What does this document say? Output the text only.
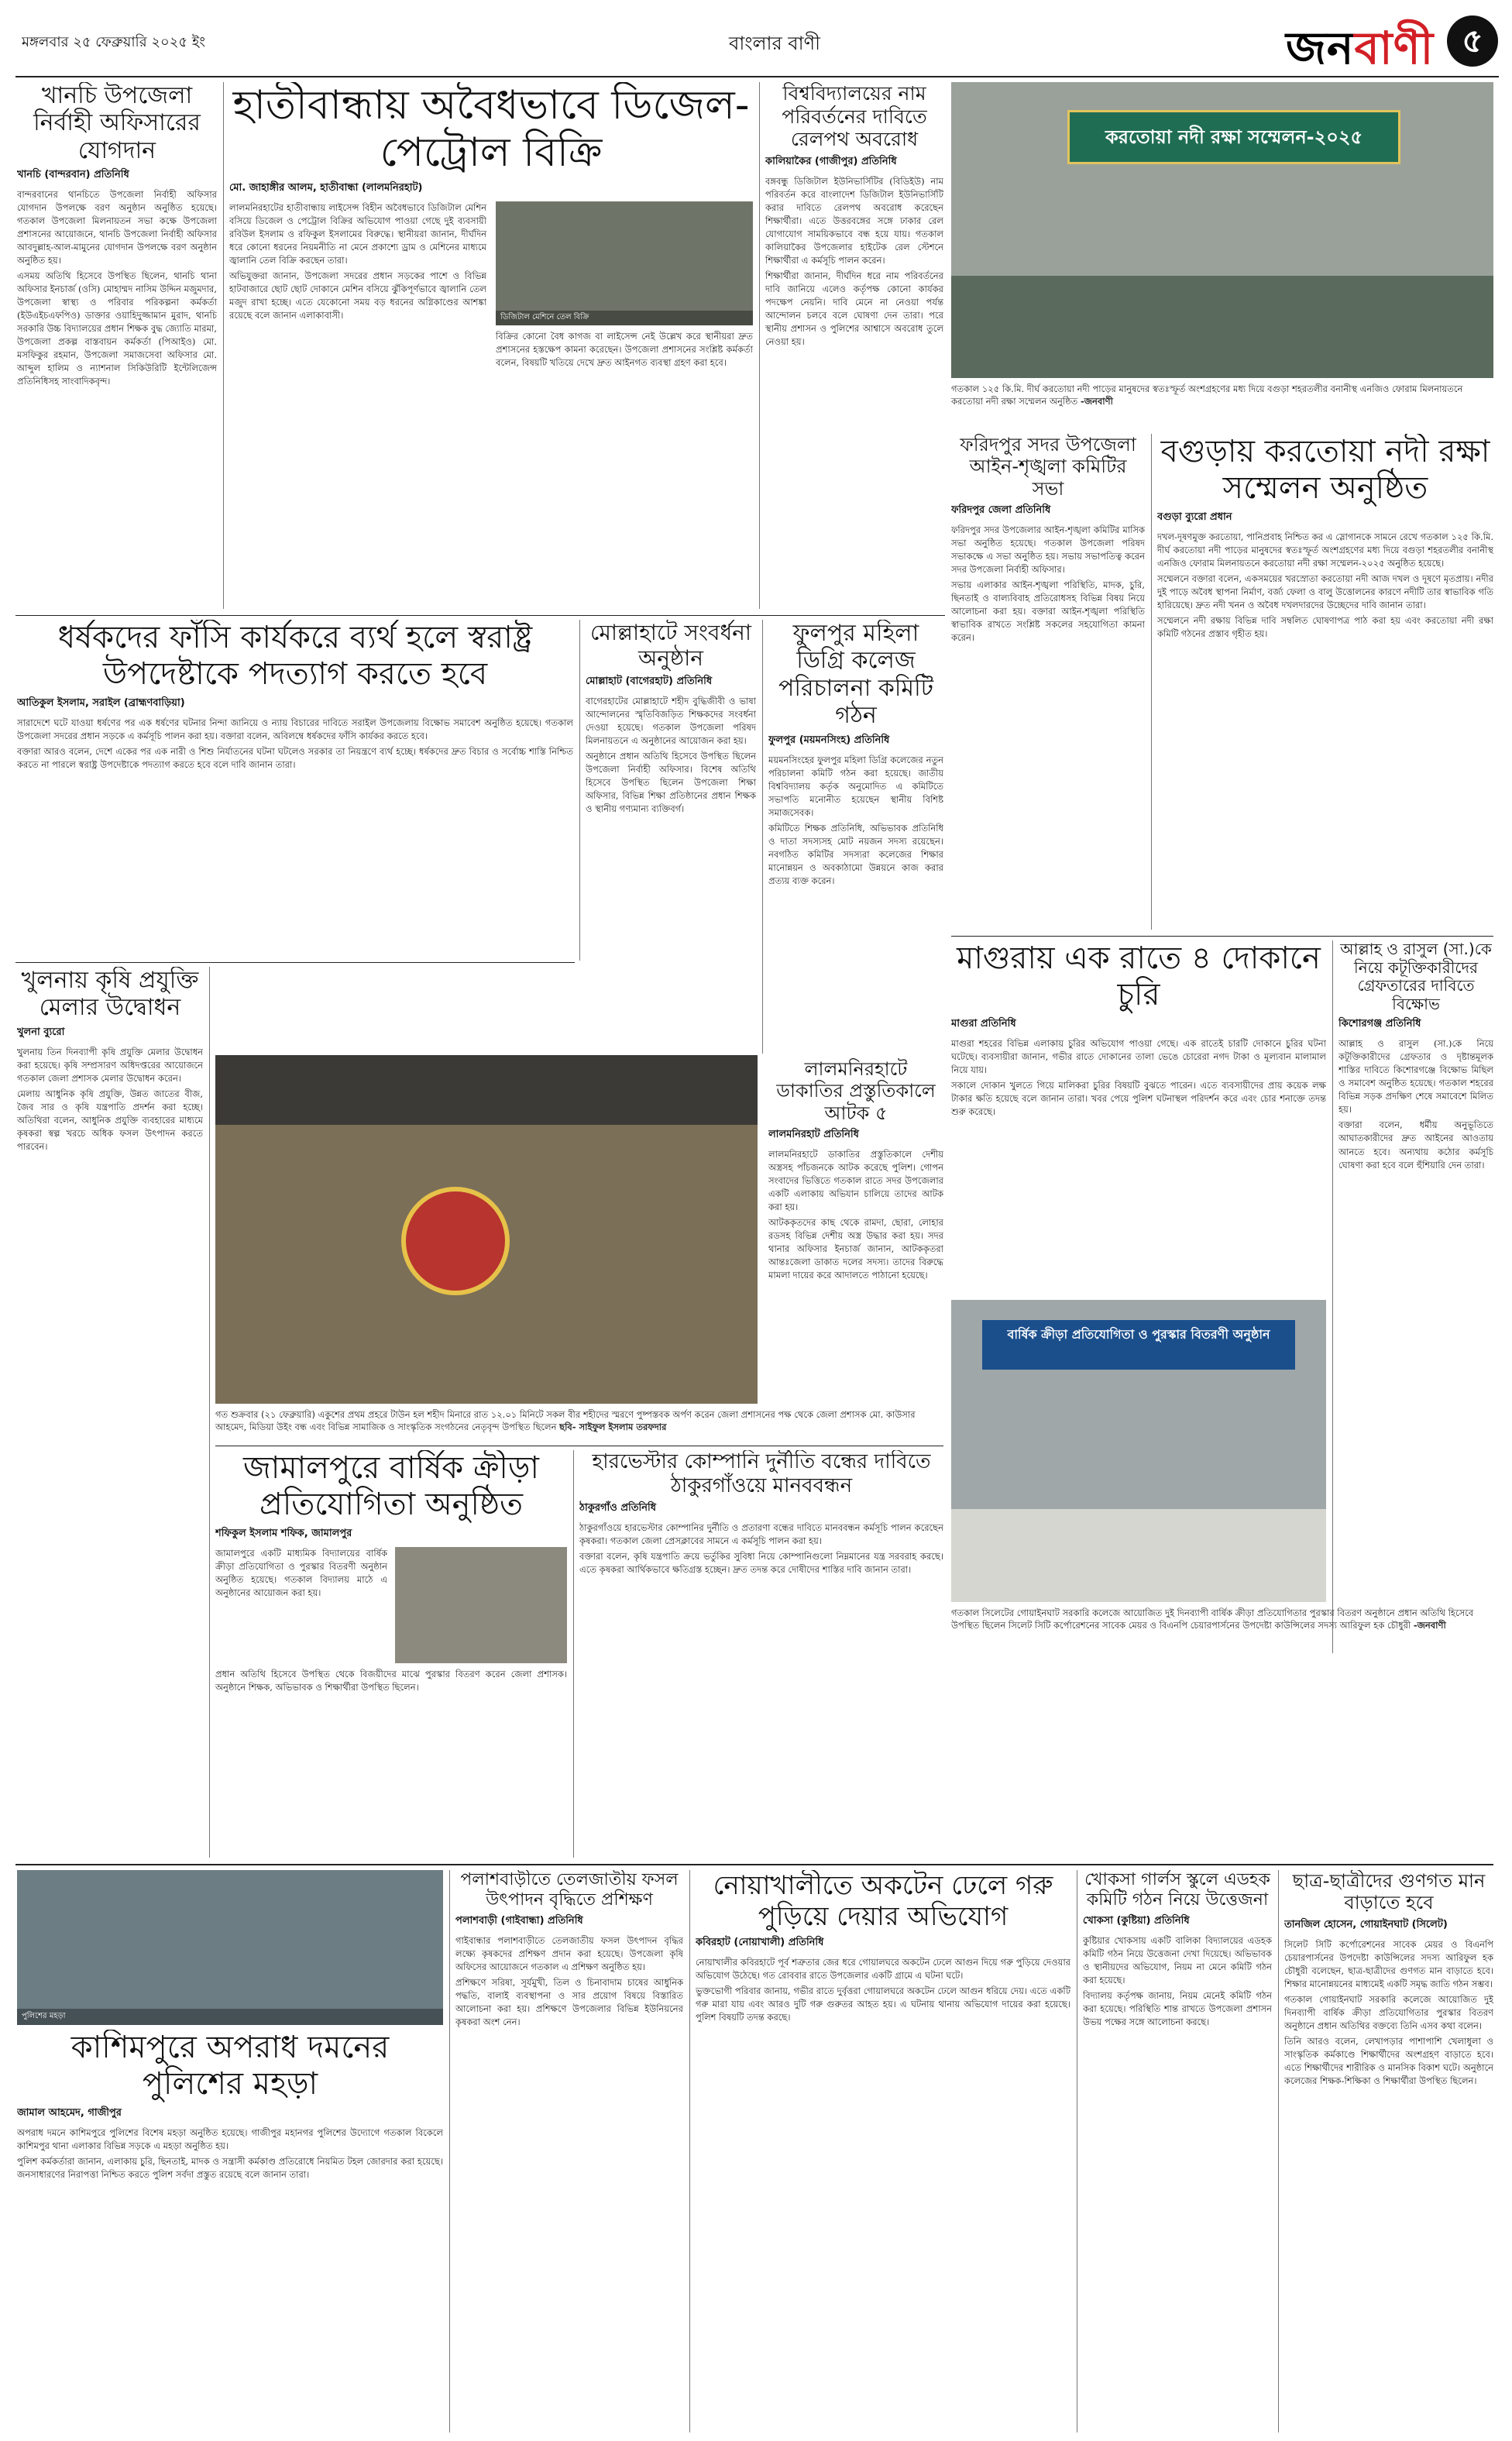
মঙ্গলবার ২৫ ফেব্রুয়ারি ২০২৫ ইং	বাংলার বাণী	জনবাণী ৫
খানচি উপজেলা নির্বাহী অফিসারের যোগদান
খানচি (বান্দরবান) প্রতিনিধি

বান্দরবানের থানচিতে উপজেলা নির্বাহী অফিসার যোগদান উপলক্ষে বরণ অনুষ্ঠান অনুষ্ঠিত হয়েছে। গতকাল উপজেলা মিলনায়তন সভা কক্ষে উপজেলা প্রশাসনের আয়োজনে, থানচি উপজেলা নির্বাহী অফিসার আবদুল্লাহ-আল-মামুনের যোগদান উপলক্ষে বরণ অনুষ্ঠান অনুষ্ঠিত হয়।

এসময় অতিথি হিসেবে উপস্থিত ছিলেন, থানচি থানা অফিসার ইনচার্জ (ওসি) মোহাম্মদ নাসিম উদ্দিন মজুমদার, উপজেলা স্বাস্থ্য ও পরিবার পরিকল্পনা কর্মকর্তা (ইউএইচএফপিও) ডাক্তার ওয়াহিদুজ্জামান মুরাদ, থানচি সরকারি উচ্চ বিদ্যালয়ের প্রধান শিক্ষক বুদ্ধ জ্যোতি মারমা, উপজেলা প্রকল্প বাস্তবায়ন কর্মকর্তা (পিআইও) মো. মসফিকুর রহমান, উপজেলা সমাজসেবা অফিসার মো. আব্দুল হালিম ও ন্যাশনাল সিকিউরিটি ইন্টেলিজেন্স প্রতিনিধিসহ সাংবাদিকবৃন্দ।

হাতীবান্ধায় অবৈধভাবে ডিজেল-পেট্রোল বিক্রি
মো. জাহাঙ্গীর আলম, হাতীবান্ধা (লালমনিরহাট)

লালমনিরহাটের হাতীবান্ধায় লাইসেন্স বিহীন অবৈধভাবে ডিজিটাল মেশিন বসিয়ে ডিজেল ও পেট্রোল বিক্রির অভিযোগ পাওয়া গেছে দুই ব্যবসায়ী রবিউল ইসলাম ও রফিকুল ইসলামের বিরুদ্ধে। স্থানীয়রা জানান, দীর্ঘদিন ধরে কোনো ধরনের নিয়মনীতি না মেনে প্রকাশ্যে ড্রাম ও মেশিনের মাধ্যমে জ্বালানি তেল বিক্রি করছেন তারা।

অভিযুক্তরা জানান, উপজেলা সদরের প্রধান সড়কের পাশে ও বিভিন্ন হাটবাজারে ছোট ছোট দোকানে মেশিন বসিয়ে ঝুঁকিপূর্ণভাবে জ্বালানি তেল মজুদ রাখা হচ্ছে। এতে যেকোনো সময় বড় ধরনের অগ্নিকাণ্ডের আশঙ্কা রয়েছে বলে জানান এলাকাবাসী।	ডিজিটাল মেশিনে তেল বিক্রি

বিক্রির কোনো বৈধ কাগজ বা লাইসেন্স নেই উল্লেখ করে স্থানীয়রা দ্রুত প্রশাসনের হস্তক্ষেপ কামনা করেছেন। উপজেলা প্রশাসনের সংশ্লিষ্ট কর্মকর্তা বলেন, বিষয়টি খতিয়ে দেখে দ্রুত আইনগত ব্যবস্থা গ্রহণ করা হবে।

বিশ্ববিদ্যালয়ের নাম পরিবর্তনের দাবিতে রেলপথ অবরোধ
কালিয়াকৈর (গাজীপুর) প্রতিনিধি

বঙ্গবন্ধু ডিজিটাল ইউনিভার্সিটির (বিডিইউ) নাম পরিবর্তন করে বাংলাদেশ ডিজিটাল ইউনিভার্সিটি করার দাবিতে রেলপথ অবরোধ করেছেন শিক্ষার্থীরা। এতে উত্তরবঙ্গের সঙ্গে ঢাকার রেল যোগাযোগ সাময়িকভাবে বন্ধ হয়ে যায়। গতকাল কালিয়াকৈর উপজেলার হাইটেক রেল স্টেশনে শিক্ষার্থীরা এ কর্মসূচি পালন করেন।

শিক্ষার্থীরা জানান, দীর্ঘদিন ধরে নাম পরিবর্তনের দাবি জানিয়ে এলেও কর্তৃপক্ষ কোনো কার্যকর পদক্ষেপ নেয়নি। দাবি মেনে না নেওয়া পর্যন্ত আন্দোলন চলবে বলে ঘোষণা দেন তারা। পরে স্থানীয় প্রশাসন ও পুলিশের আশ্বাসে অবরোধ তুলে নেওয়া হয়।

করতোয়া নদী রক্ষা সম্মেলন-২০২৫
গতকাল ১২৫ কি.মি. দীর্ঘ করতোয়া নদী পাড়ের মানুষদের স্বতঃস্ফূর্ত অংশগ্রহণের মধ্য দিয়ে বগুড়া শহরতলীর বনানীস্থ এনজিও ফোরাম মিলনায়তনে করতোয়া নদী রক্ষা সম্মেলন অনুষ্ঠিত -জনবাণী
ফরিদপুর সদর উপজেলা আইন-শৃঙ্খলা কমিটির সভা
ফরিদপুর জেলা প্রতিনিধি

ফরিদপুর সদর উপজেলার আইন-শৃঙ্খলা কমিটির মাসিক সভা অনুষ্ঠিত হয়েছে। গতকাল উপজেলা পরিষদ সভাকক্ষে এ সভা অনুষ্ঠিত হয়। সভায় সভাপতিত্ব করেন সদর উপজেলা নির্বাহী অফিসার।

সভায় এলাকার আইন-শৃঙ্খলা পরিস্থিতি, মাদক, চুরি, ছিনতাই ও বাল্যবিবাহ প্রতিরোধসহ বিভিন্ন বিষয় নিয়ে আলোচনা করা হয়। বক্তারা আইন-শৃঙ্খলা পরিস্থিতি স্বাভাবিক রাখতে সংশ্লিষ্ট সকলের সহযোগিতা কামনা করেন।

বগুড়ায় করতোয়া নদী রক্ষা সম্মেলন অনুষ্ঠিত
বগুড়া ব্যুরো প্রধান

দখল-দূষণমুক্ত করতোয়া, পানিপ্রবাহ নিশ্চিত কর এ স্লোগানকে সামনে রেখে গতকাল ১২৫ কি.মি. দীর্ঘ করতোয়া নদী পাড়ের মানুষদের স্বতঃস্ফূর্ত অংশগ্রহণের মধ্য দিয়ে বগুড়া শহরতলীর বনানীস্থ এনজিও ফোরাম মিলনায়তনে করতোয়া নদী রক্ষা সম্মেলন-২০২৫ অনুষ্ঠিত হয়েছে।

সম্মেলনে বক্তারা বলেন, একসময়ের খরস্রোতা করতোয়া নদী আজ দখল ও দূষণে মৃতপ্রায়। নদীর দুই পাড়ে অবৈধ স্থাপনা নির্মাণ, বর্জ্য ফেলা ও বালু উত্তোলনের কারণে নদীটি তার স্বাভাবিক গতি হারিয়েছে। দ্রুত নদী খনন ও অবৈধ দখলদারদের উচ্ছেদের দাবি জানান তারা।

সম্মেলনে নদী রক্ষায় বিভিন্ন দাবি সম্বলিত ঘোষণাপত্র পাঠ করা হয় এবং করতোয়া নদী রক্ষা কমিটি গঠনের প্রস্তাব গৃহীত হয়।

ধর্ষকদের ফাঁসি কার্যকরে ব্যর্থ হলে স্বরাষ্ট্র উপদেষ্টাকে পদত্যাগ করতে হবে
আতিকুল ইসলাম, সরাইল (ব্রাহ্মণবাড়িয়া)

সারাদেশে ঘটে যাওয়া ধর্ষণের পর এক ধর্ষণের ঘটনার নিন্দা জানিয়ে ও ন্যায় বিচারের দাবিতে সরাইল উপজেলায় বিক্ষোভ সমাবেশ অনুষ্ঠিত হয়েছে। গতকাল উপজেলা সদরের প্রধান সড়কে এ কর্মসূচি পালন করা হয়। বক্তারা বলেন, অবিলম্বে ধর্ষকদের ফাঁসি কার্যকর করতে হবে।

বক্তারা আরও বলেন, দেশে একের পর এক নারী ও শিশু নির্যাতনের ঘটনা ঘটলেও সরকার তা নিয়ন্ত্রণে ব্যর্থ হচ্ছে। ধর্ষকদের দ্রুত বিচার ও সর্বোচ্চ শাস্তি নিশ্চিত করতে না পারলে স্বরাষ্ট্র উপদেষ্টাকে পদত্যাগ করতে হবে বলে দাবি জানান তারা।

মোল্লাহাটে সংবর্ধনা অনুষ্ঠান
মোল্লাহাট (বাগেরহাট) প্রতিনিধি

বাগেরহাটের মোল্লাহাটে শহীদ বুদ্ধিজীবী ও ভাষা আন্দোলনের স্মৃতিবিজড়িত শিক্ষকদের সংবর্ধনা দেওয়া হয়েছে। গতকাল উপজেলা পরিষদ মিলনায়তনে এ অনুষ্ঠানের আয়োজন করা হয়।

অনুষ্ঠানে প্রধান অতিথি হিসেবে উপস্থিত ছিলেন উপজেলা নির্বাহী অফিসার। বিশেষ অতিথি হিসেবে উপস্থিত ছিলেন উপজেলা শিক্ষা অফিসার, বিভিন্ন শিক্ষা প্রতিষ্ঠানের প্রধান শিক্ষক ও স্থানীয় গণ্যমান্য ব্যক্তিবর্গ।

ফুলপুর মহিলা ডিগ্রি কলেজ পরিচালনা কমিটি গঠন
ফুলপুর (ময়মনসিংহ) প্রতিনিধি

ময়মনসিংহের ফুলপুর মহিলা ডিগ্রি কলেজের নতুন পরিচালনা কমিটি গঠন করা হয়েছে। জাতীয় বিশ্ববিদ্যালয় কর্তৃক অনুমোদিত এ কমিটিতে সভাপতি মনোনীত হয়েছেন স্থানীয় বিশিষ্ট সমাজসেবক।

কমিটিতে শিক্ষক প্রতিনিধি, অভিভাবক প্রতিনিধি ও দাতা সদস্যসহ মোট নয়জন সদস্য রয়েছেন। নবগঠিত কমিটির সদস্যরা কলেজের শিক্ষার মানোন্নয়ন ও অবকাঠামো উন্নয়নে কাজ করার প্রত্যয় ব্যক্ত করেন।

মাগুরায় এক রাতে ৪ দোকানে চুরি
মাগুরা প্রতিনিধি

মাগুরা শহরের বিভিন্ন এলাকায় চুরির অভিযোগ পাওয়া গেছে। এক রাতেই চারটি দোকানে চুরির ঘটনা ঘটেছে। ব্যবসায়ীরা জানান, গভীর রাতে দোকানের তালা ভেঙে চোরেরা নগদ টাকা ও মূল্যবান মালামাল নিয়ে যায়।

সকালে দোকান খুলতে গিয়ে মালিকরা চুরির বিষয়টি বুঝতে পারেন। এতে ব্যবসায়ীদের প্রায় কয়েক লক্ষ টাকার ক্ষতি হয়েছে বলে জানান তারা। খবর পেয়ে পুলিশ ঘটনাস্থল পরিদর্শন করে এবং চোর শনাক্তে তদন্ত শুরু করেছে।

আল্লাহ ও রাসুল (সা.)কে নিয়ে কটূক্তিকারীদের গ্রেফতারের দাবিতে বিক্ষোভ
কিশোরগঞ্জ প্রতিনিধি

আল্লাহ ও রাসুল (সা.)কে নিয়ে কটূক্তিকারীদের গ্রেফতার ও দৃষ্টান্তমূলক শাস্তির দাবিতে কিশোরগঞ্জে বিক্ষোভ মিছিল ও সমাবেশ অনুষ্ঠিত হয়েছে। গতকাল শহরের বিভিন্ন সড়ক প্রদক্ষিণ শেষে সমাবেশে মিলিত হয়।

বক্তারা বলেন, ধর্মীয় অনুভূতিতে আঘাতকারীদের দ্রুত আইনের আওতায় আনতে হবে। অন্যথায় কঠোর কর্মসূচি ঘোষণা করা হবে বলে হুঁশিয়ারি দেন তারা।

খুলনায় কৃষি প্রযুক্তি মেলার উদ্বোধন
খুলনা ব্যুরো

খুলনায় তিন দিনব্যাপী কৃষি প্রযুক্তি মেলার উদ্বোধন করা হয়েছে। কৃষি সম্প্রসারণ অধিদপ্তরের আয়োজনে গতকাল জেলা প্রশাসক মেলার উদ্বোধন করেন।

মেলায় আধুনিক কৃষি প্রযুক্তি, উন্নত জাতের বীজ, জৈব সার ও কৃষি যন্ত্রপাতি প্রদর্শন করা হচ্ছে। অতিথিরা বলেন, আধুনিক প্রযুক্তি ব্যবহারের মাধ্যমে কৃষকরা স্বল্প খরচে অধিক ফসল উৎপাদন করতে পারবেন।

গত শুক্রবার (২১ ফেব্রুয়ারি) একুশের প্রথম প্রহরে টাউন হল শহীদ মিনারে রাত ১২.০১ মিনিটে সকল বীর শহীদের স্মরণে পুষ্পস্তবক অর্পণ করেন জেলা প্রশাসনের পক্ষ থেকে জেলা প্রশাসক মো. কাউসার আহমেদ, মিডিয়া উইং বন্ধ এবং বিভিন্ন সামাজিক ও সাংস্কৃতিক সংগঠনের নেতৃবৃন্দ উপস্থিত ছিলেন ছবি- সাইফুল ইসলাম তরফদার
লালমনিরহাটে ডাকাতির প্রস্তুতিকালে আটক ৫
লালমনিরহাট প্রতিনিধি

লালমনিরহাটে ডাকাতির প্রস্তুতিকালে দেশীয় অস্ত্রসহ পাঁচজনকে আটক করেছে পুলিশ। গোপন সংবাদের ভিত্তিতে গতকাল রাতে সদর উপজেলার একটি এলাকায় অভিযান চালিয়ে তাদের আটক করা হয়।

আটককৃতদের কাছ থেকে রামদা, ছোরা, লোহার রডসহ বিভিন্ন দেশীয় অস্ত্র উদ্ধার করা হয়। সদর থানার অফিসার ইনচার্জ জানান, আটককৃতরা আন্তঃজেলা ডাকাত দলের সদস্য। তাদের বিরুদ্ধে মামলা দায়ের করে আদালতে পাঠানো হয়েছে।

জামালপুরে বার্ষিক ক্রীড়া প্রতিযোগিতা অনুষ্ঠিত
শফিকুল ইসলাম শফিক, জামালপুর

জামালপুরে একটি মাধ্যমিক বিদ্যালয়ের বার্ষিক ক্রীড়া প্রতিযোগিতা ও পুরস্কার বিতরণী অনুষ্ঠান অনুষ্ঠিত হয়েছে। গতকাল বিদ্যালয় মাঠে এ অনুষ্ঠানের আয়োজন করা হয়।

প্রধান অতিথি হিসেবে উপস্থিত থেকে বিজয়ীদের মাঝে পুরস্কার বিতরণ করেন জেলা প্রশাসক। অনুষ্ঠানে শিক্ষক, অভিভাবক ও শিক্ষার্থীরা উপস্থিত ছিলেন।

হারভেস্টার কোম্পানি দুর্নীতি বন্ধের দাবিতে ঠাকুরগাঁওয়ে মানববন্ধন
ঠাকুরগাঁও প্রতিনিধি

ঠাকুরগাঁওয়ে হারভেস্টার কোম্পানির দুর্নীতি ও প্রতারণা বন্ধের দাবিতে মানববন্ধন কর্মসূচি পালন করেছেন কৃষকরা। গতকাল জেলা প্রেসক্লাবের সামনে এ কর্মসূচি পালন করা হয়।

বক্তারা বলেন, কৃষি যন্ত্রপাতি ক্রয়ে ভর্তুকির সুবিধা নিয়ে কোম্পানিগুলো নিম্নমানের যন্ত্র সরবরাহ করছে। এতে কৃষকরা আর্থিকভাবে ক্ষতিগ্রস্ত হচ্ছেন। দ্রুত তদন্ত করে দোষীদের শাস্তির দাবি জানান তারা।

বার্ষিক ক্রীড়া প্রতিযোগিতা ও পুরস্কার বিতরণী অনুষ্ঠান
গতকাল সিলেটের গোয়াইনঘাট সরকারি কলেজে আয়োজিত দুই দিনব্যাপী বার্ষিক ক্রীড়া প্রতিযোগিতার পুরস্কার বিতরণ অনুষ্ঠানে প্রধান অতিথি হিসেবে উপস্থিত ছিলেন সিলেট সিটি কর্পোরেশনের সাবেক মেয়র ও বিএনপি চেয়ারপার্সনের উপদেষ্টা কাউন্সিলের সদস্য আরিফুল হক চৌধুরী -জনবাণী
পুলিশের মহড়া
কাশিমপুরে অপরাধ দমনের পুলিশের মহড়া
জামাল আহমেদ, গাজীপুর

অপরাধ দমনে কাশিমপুরে পুলিশের বিশেষ মহড়া অনুষ্ঠিত হয়েছে। গাজীপুর মহানগর পুলিশের উদ্যোগে গতকাল বিকেলে কাশিমপুর থানা এলাকার বিভিন্ন সড়কে এ মহড়া অনুষ্ঠিত হয়।

পুলিশ কর্মকর্তারা জানান, এলাকায় চুরি, ছিনতাই, মাদক ও সন্ত্রাসী কর্মকাণ্ড প্রতিরোধে নিয়মিত টহল জোরদার করা হয়েছে। জনসাধারণের নিরাপত্তা নিশ্চিত করতে পুলিশ সর্বদা প্রস্তুত রয়েছে বলে জানান তারা।

পলাশবাড়ীতে তেলজাতীয় ফসল উৎপাদন বৃদ্ধিতে প্রশিক্ষণ
পলাশবাড়ী (গাইবান্ধা) প্রতিনিধি

গাইবান্ধার পলাশবাড়ীতে তেলজাতীয় ফসল উৎপাদন বৃদ্ধির লক্ষ্যে কৃষকদের প্রশিক্ষণ প্রদান করা হয়েছে। উপজেলা কৃষি অফিসের আয়োজনে গতকাল এ প্রশিক্ষণ অনুষ্ঠিত হয়।

প্রশিক্ষণে সরিষা, সূর্যমুখী, তিল ও চিনাবাদাম চাষের আধুনিক পদ্ধতি, বালাই ব্যবস্থাপনা ও সার প্রয়োগ বিষয়ে বিস্তারিত আলোচনা করা হয়। প্রশিক্ষণে উপজেলার বিভিন্ন ইউনিয়নের কৃষকরা অংশ নেন।

নোয়াখালীতে অকটেন ঢেলে গরু পুড়িয়ে দেয়ার অভিযোগ
কবিরহাট (নোয়াখালী) প্রতিনিধি

নোয়াখালীর কবিরহাটে পূর্ব শত্রুতার জের ধরে গোয়ালঘরে অকটেন ঢেলে আগুন দিয়ে গরু পুড়িয়ে দেওয়ার অভিযোগ উঠেছে। গত রোববার রাতে উপজেলার একটি গ্রামে এ ঘটনা ঘটে।

ভুক্তভোগী পরিবার জানায়, গভীর রাতে দুর্বৃত্তরা গোয়ালঘরে অকটেন ঢেলে আগুন ধরিয়ে দেয়। এতে একটি গরু মারা যায় এবং আরও দুটি গরু গুরুতর আহত হয়। এ ঘটনায় থানায় অভিযোগ দায়ের করা হয়েছে। পুলিশ বিষয়টি তদন্ত করছে।

খোকসা গার্লস স্কুলে এডহক কমিটি গঠন নিয়ে উত্তেজনা
খোকসা (কুষ্টিয়া) প্রতিনিধি

কুষ্টিয়ার খোকসায় একটি বালিকা বিদ্যালয়ের এডহক কমিটি গঠন নিয়ে উত্তেজনা দেখা দিয়েছে। অভিভাবক ও স্থানীয়দের অভিযোগ, নিয়ম না মেনে কমিটি গঠন করা হয়েছে।

বিদ্যালয় কর্তৃপক্ষ জানায়, নিয়ম মেনেই কমিটি গঠন করা হয়েছে। পরিস্থিতি শান্ত রাখতে উপজেলা প্রশাসন উভয় পক্ষের সঙ্গে আলোচনা করছে।

ছাত্র-ছাত্রীদের গুণগত মান বাড়াতে হবে
তানজিল হোসেন, গোয়াইনঘাট (সিলেট)

সিলেট সিটি কর্পোরেশনের সাবেক মেয়র ও বিএনপি চেয়ারপার্সনের উপদেষ্টা কাউন্সিলের সদস্য আরিফুল হক চৌধুরী বলেছেন, ছাত্র-ছাত্রীদের গুণগত মান বাড়াতে হবে। শিক্ষার মানোন্নয়নের মাধ্যমেই একটি সমৃদ্ধ জাতি গঠন সম্ভব।

গতকাল গোয়াইনঘাট সরকারি কলেজে আয়োজিত দুই দিনব্যাপী বার্ষিক ক্রীড়া প্রতিযোগিতার পুরস্কার বিতরণ অনুষ্ঠানে প্রধান অতিথির বক্তব্যে তিনি এসব কথা বলেন।

তিনি আরও বলেন, লেখাপড়ার পাশাপাশি খেলাধুলা ও সাংস্কৃতিক কর্মকাণ্ডে শিক্ষার্থীদের অংশগ্রহণ বাড়াতে হবে। এতে শিক্ষার্থীদের শারীরিক ও মানসিক বিকাশ ঘটে। অনুষ্ঠানে কলেজের শিক্ষক-শিক্ষিকা ও শিক্ষার্থীরা উপস্থিত ছিলেন।
